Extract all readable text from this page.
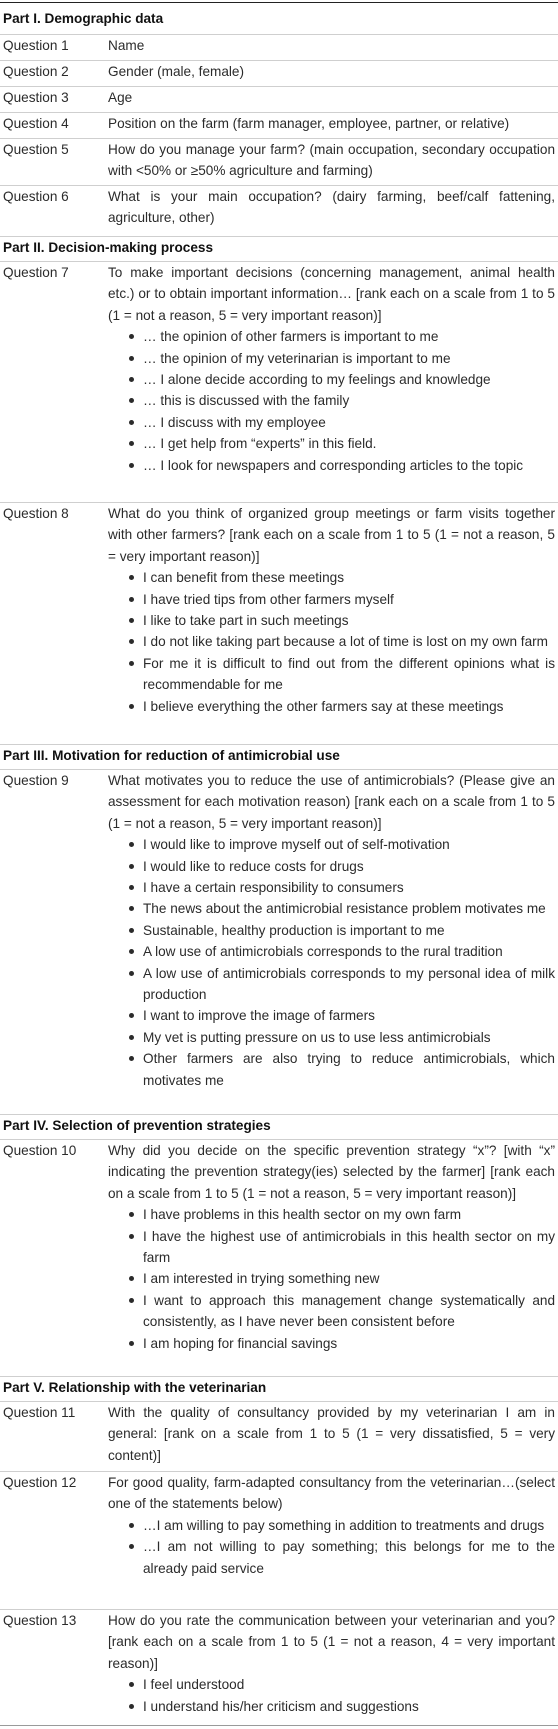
Part I. Demographic data
Question 1	Name
Question 2	Gender (male, female)
Question 3	Age
Question 4	Position on the farm (farm manager, employee, partner, or relative)
Question 5	How do you manage your farm? (main occupation, secondary occupation with <50% or ≥50% agriculture and farming)
Question 6	What is your main occupation? (dairy farming, beef/calf fattening, agriculture, other)
Part II. Decision-making process
Question 7	To make important decisions (concerning management, animal health etc.) or to obtain important information… [rank each on a scale from 1 to 5 (1 = not a reason, 5 = very important reason)]
… the opinion of other farmers is important to me
… the opinion of my veterinarian is important to me
… I alone decide according to my feelings and knowledge
… this is discussed with the family
… I discuss with my employee
… I get help from “experts” in this field.
… I look for newspapers and corresponding articles to the topic
Question 8	What do you think of organized group meetings or farm visits together with other farmers? [rank each on a scale from 1 to 5 (1 = not a reason, 5 = very important reason)]
I can benefit from these meetings
I have tried tips from other farmers myself
I like to take part in such meetings
I do not like taking part because a lot of time is lost on my own farm
For me it is difficult to find out from the different opinions what is recommendable for me
I believe everything the other farmers say at these meetings
Part III. Motivation for reduction of antimicrobial use
Question 9	What motivates you to reduce the use of antimicrobials? (Please give an assessment for each motivation reason) [rank each on a scale from 1 to 5 (1 = not a reason, 5 = very important reason)]
I would like to improve myself out of self-motivation
I would like to reduce costs for drugs
I have a certain responsibility to consumers
The news about the antimicrobial resistance problem motivates me
Sustainable, healthy production is important to me
A low use of antimicrobials corresponds to the rural tradition
A low use of antimicrobials corresponds to my personal idea of milk production
I want to improve the image of farmers
My vet is putting pressure on us to use less antimicrobials
Other farmers are also trying to reduce antimicrobials, which motivates me
Part IV. Selection of prevention strategies
Question 10	Why did you decide on the specific prevention strategy “x”? [with “x” indicating the prevention strategy(ies) selected by the farmer] [rank each on a scale from 1 to 5 (1 = not a reason, 5 = very important reason)]
I have problems in this health sector on my own farm
I have the highest use of antimicrobials in this health sector on my farm
I am interested in trying something new
I want to approach this management change systematically and consistently, as I have never been consistent before
I am hoping for financial savings
Part V. Relationship with the veterinarian
Question 11	With the quality of consultancy provided by my veterinarian I am in general: [rank on a scale from 1 to 5 (1 = very dissatisfied, 5 = very content)]
Question 12	For good quality, farm-adapted consultancy from the veterinarian…(select one of the statements below)
…I am willing to pay something in addition to treatments and drugs
…I am not willing to pay something; this belongs for me to the already paid service
Question 13	How do you rate the communication between your veterinarian and you? [rank each on a scale from 1 to 5 (1 = not a reason, 4 = very important reason)]
I feel understood
I understand his/her criticism and suggestions
